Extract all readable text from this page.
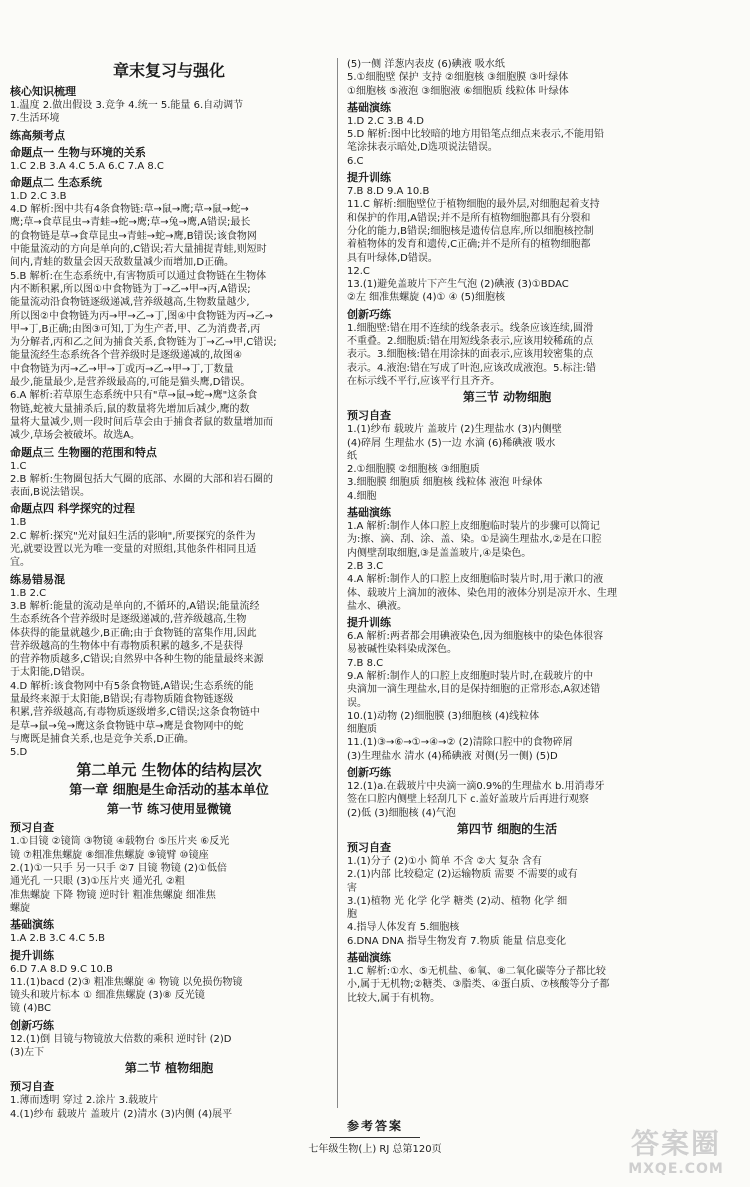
章末复习与强化
核心知识梳理
1.温度 2.做出假设 3.竞争 4.统一 5.能量 6.自动调节
7.生活环境
练高频考点
命题点一 生物与环境的关系
1.C 2.B 3.A 4.C 5.A 6.C 7.A 8.C
命题点二 生态系统
1.D 2.C 3.B
4.D 解析:图中共有4条食物链:草→鼠→鹰;草→鼠→蛇→
鹰;草→食草昆虫→青蛙→蛇→鹰;草→兔→鹰,A错误;最长
的食物链是草→食草昆虫→青蛙→蛇→鹰,B错误;该食物网
中能量流动的方向是单向的,C错误;若大量捕捉青蛙,则短时
间内,青蛙的数量会因天敌数量减少而增加,D正确。
5.B 解析:在生态系统中,有害物质可以通过食物链在生物体
内不断积累,所以图①中食物链为丁→乙→甲→丙,A错误;
能量流动沿食物链逐级递减,营养级越高,生物数量越少,
所以图②中食物链为丙→甲→乙→丁,图④中食物链为丙→乙→
甲→丁,B正确;由图③可知,丁为生产者,甲、乙为消费者,丙
为分解者,丙和乙之间为捕食关系,食物链为丁→乙→甲,C错误;
能量流经生态系统各个营养级时是逐级递减的,故图④
中食物链为丙→乙→甲→丁或丙→乙→甲→丁,丁数量
最少,能量最少,是营养级最高的,可能是猫头鹰,D错误。
6.A 解析:若草原生态系统中只有"草→鼠→蛇→鹰"这条食
物链,蛇被大量捕杀后,鼠的数量将先增加后减少,鹰的数
量将大量减少,则一段时间后草会由于捕食者鼠的数量增加而
减少,草场会被破坏。故选A。
命题点三 生物圈的范围和特点
1.C
2.B 解析:生物圈包括大气圈的底部、水圈的大部和岩石圈的
表面,B说法错误。
命题点四 科学探究的过程
1.B
2.C 解析:探究"光对鼠妇生活的影响",所要探究的条件为
光,就要设置以光为唯一变量的对照组,其他条件相同且适
宜。
练易错易混
1.B 2.C
3.B 解析:能量的流动是单向的,不循环的,A错误;能量流经
生态系统各个营养级时是逐级递减的,营养级越高,生物
体获得的能量就越少,B正确;由于食物链的富集作用,因此
营养级越高的生物体中有毒物质积累的越多,不是获得
的营养物质越多,C错误;自然界中各种生物的能量最终来源
于太阳能,D错误。
4.D 解析:该食物网中有5条食物链,A错误;生态系统的能
量最终来源于太阳能,B错误;有毒物质随食物链逐级
积累,营养级越高,有毒物质逐级增多,C错误;这条食物链中
是草→鼠→兔→鹰这条食物链中草→鹰是食物网中的蛇
与鹰既是捕食关系,也是竞争关系,D正确。
5.D
第二单元 生物体的结构层次
第一章 细胞是生命活动的基本单位
第一节 练习使用显微镜
预习自查
1.①目镜 ②镜筒 ③物镜 ④载物台 ⑤压片夹 ⑥反光
镜 ⑦粗准焦螺旋 ⑧细准焦螺旋 ⑨镜臂 ⑩镜座
2.(1)①一只手 另一只手 ②7 目镜 物镜 (2)①低倍
通光孔 一只眼 (3)①压片夹 通光孔 ②粗
准焦螺旋 下降 物镜 逆时针 粗准焦螺旋 细准焦
螺旋
基础演练
1.A 2.B 3.C 4.C 5.B
提升训练
6.D 7.A 8.D 9.C 10.B
11.(1)bacd (2)③ 粗准焦螺旋 ④ 物镜 以免损伤物镜
镜头和玻片标本 ① 细准焦螺旋 (3)⑧ 反光镜
镜 (4)BC
创新巧练
12.(1)倒 目镜与物镜放大倍数的乘积 逆时针 (2)D
(3)左下
第二节 植物细胞
预习自查
1.薄而透明 穿过 2.涂片 3.载玻片
4.(1)纱布 载玻片 盖玻片 (2)清水 (3)内侧 (4)展平
(5)一侧 洋葱内表皮 (6)碘液 吸水纸
5.①细胞壁 保护 支持 ②细胞核 ③细胞膜 ③叶绿体
①细胞核 ⑤液泡 ③细胞液 ⑥细胞质 线粒体 叶绿体
基础演练
1.D 2.C 3.B 4.D
5.D 解析:图中比较暗的地方用铅笔点细点来表示,不能用铅
笔涂抹表示暗处,D选项说法错误。
6.C
提升训练
7.B 8.D 9.A 10.B
11.C 解析:细胞壁位于植物细胞的最外层,对细胞起着支持
和保护的作用,A错误;并不是所有植物细胞都具有分裂和
分化的能力,B错误;细胞核是遗传信息库,所以细胞核控制
着植物体的发育和遗传,C正确;并不是所有的植物细胞都
具有叶绿体,D错误。
12.C
13.(1)避免盖玻片下产生气泡 (2)碘液 (3)①BDAC
②左 细准焦螺旋 (4)① ④ (5)细胞核
创新巧练
1.细胞壁:错在用不连续的线条表示。线条应该连续,圆滑
不重叠。2.细胞质:错在用短线条表示,应该用较稀疏的点
表示。3.细胞核:错在用涂抹的面表示,应该用较密集的点
表示。4.液泡:错在写成了叶泡,应该改成液泡。5.标注:错
在标示线不平行,应该平行且齐齐。
第三节 动物细胞
预习自查
1.(1)纱布 载玻片 盖玻片 (2)生理盐水 (3)内侧壁
(4)碎屑 生理盐水 (5)一边 水滴 (6)稀碘液 吸水
纸
2.①细胞膜 ②细胞核 ③细胞质
3.细胞膜 细胞质 细胞核 线粒体 液泡 叶绿体
4.细胞
基础演练
1.A 解析:制作人体口腔上皮细胞临时装片的步骤可以简记
为:擦、滴、刮、涂、盖、染。①是滴生理盐水,②是在口腔
内侧壁刮取细胞,③是盖盖玻片,④是染色。
2.B 3.C
4.A 解析:制作人的口腔上皮细胞临时装片时,用于漱口的液
体、载玻片上滴加的液体、染色用的液体分别是凉开水、生理
盐水、碘液。
提升训练
6.A 解析:两者都会用碘液染色,因为细胞核中的染色体很容
易被碱性染料染成深色。
7.B 8.C
9.A 解析:制作人的口腔上皮细胞时装片时,在载玻片的中
央滴加一滴生理盐水,目的是保持细胞的正常形态,A叙述错
误。
10.(1)动物 (2)细胞膜 (3)细胞核 (4)线粒体
细胞质
11.(1)③→⑥→①→④→② (2)清除口腔中的食物碎屑
(3)生理盐水 清水 (4)稀碘液 对侧(另一侧) (5)D
创新巧练
12.(1)a.在载玻片中央滴一滴0.9%的生理盐水 b.用消毒牙
签在口腔内侧壁上轻刮几下 c.盖好盖玻片后再进行观察
(2)低 (3)细胞核 (4)气泡
第四节 细胞的生活
预习自查
1.(1)分子 (2)①小 简单 不含 ②大 复杂 含有
2.(1)内部 比较稳定 (2)运输物质 需要 不需要的或有
害
3.(1)植物 光 化学 化学 糖类 (2)动、植物 化学 细
胞
4.指导人体发育 5.细胞核
6.DNA DNA 指导生物发育 7.物质 能量 信息变化
基础演练
1.C 解析:①水、⑤无机盐、⑥氧、⑧二氧化碳等分子都比较
小,属于无机物;②糖类、③脂类、④蛋白质、⑦核酸等分子都
比较大,属于有机物。
参考答案
七年级生物(上) RJ 总第120页	答案圈
MXQE.COM
